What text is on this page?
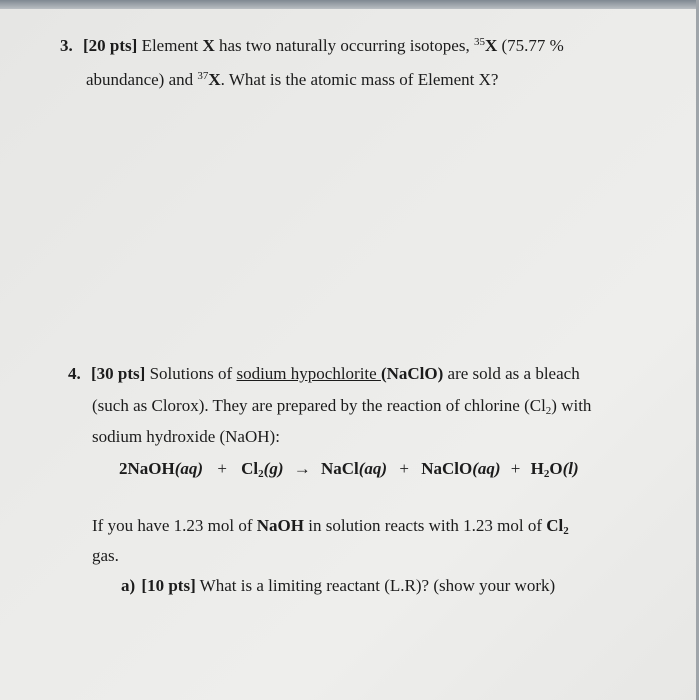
3. [20 pts] Element X has two naturally occurring isotopes, $^{35}$X (75.77 %
abundance) and $^{37}$X. What is the atomic mass of Element X?
4. [30 pts] Solutions of sodium hypochlorite (NaClO) are sold as a bleach
(such as Clorox). They are prepared by the reaction of chlorine $(Cl_2)$ with
sodium hydroxide (NaOH):
2NaOH(aq) + $Cl_2(g)$ → NaCl(aq) + NaClO(aq) + $H_2O(l)$
If you have 1.23 mol of NaOH in solution reacts with 1.23 mol of $Cl_2$
gas.
a) [10 pts] What is a limiting reactant (L.R)? (show your work)
